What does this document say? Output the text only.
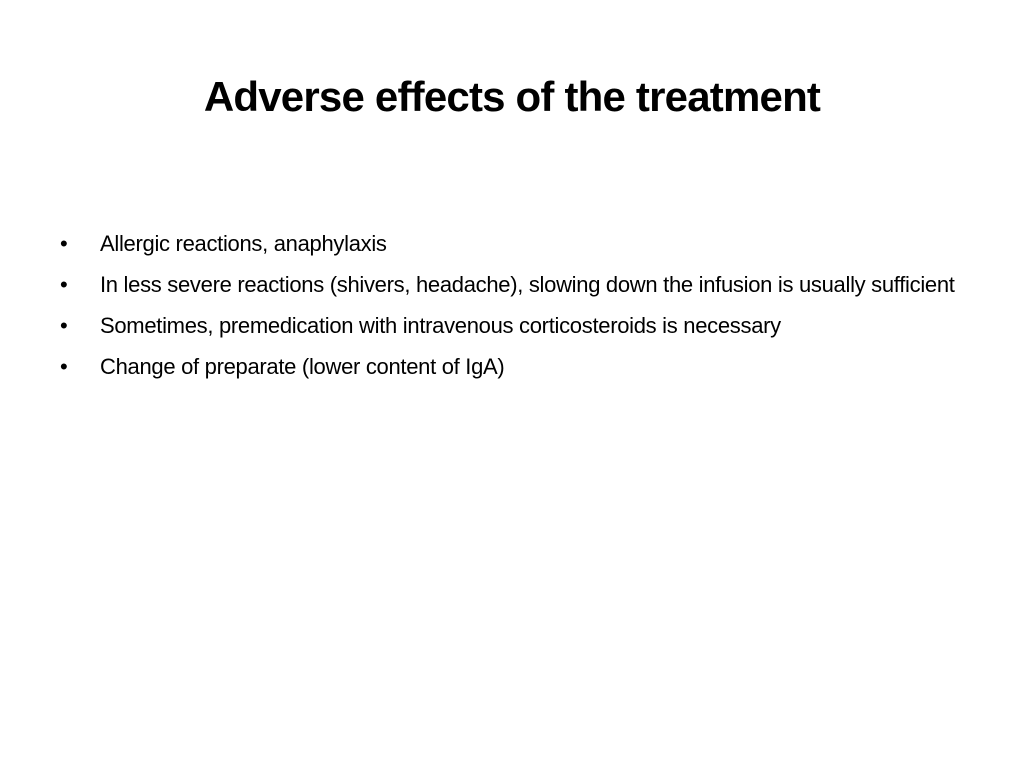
Adverse effects of the treatment
• Allergic reactions, anaphylaxis
• In less severe reactions (shivers, headache), slowing down the infusion is usually sufficient
• Sometimes, premedication with intravenous corticosteroids is necessary
• Change of preparate (lower content of IgA)
